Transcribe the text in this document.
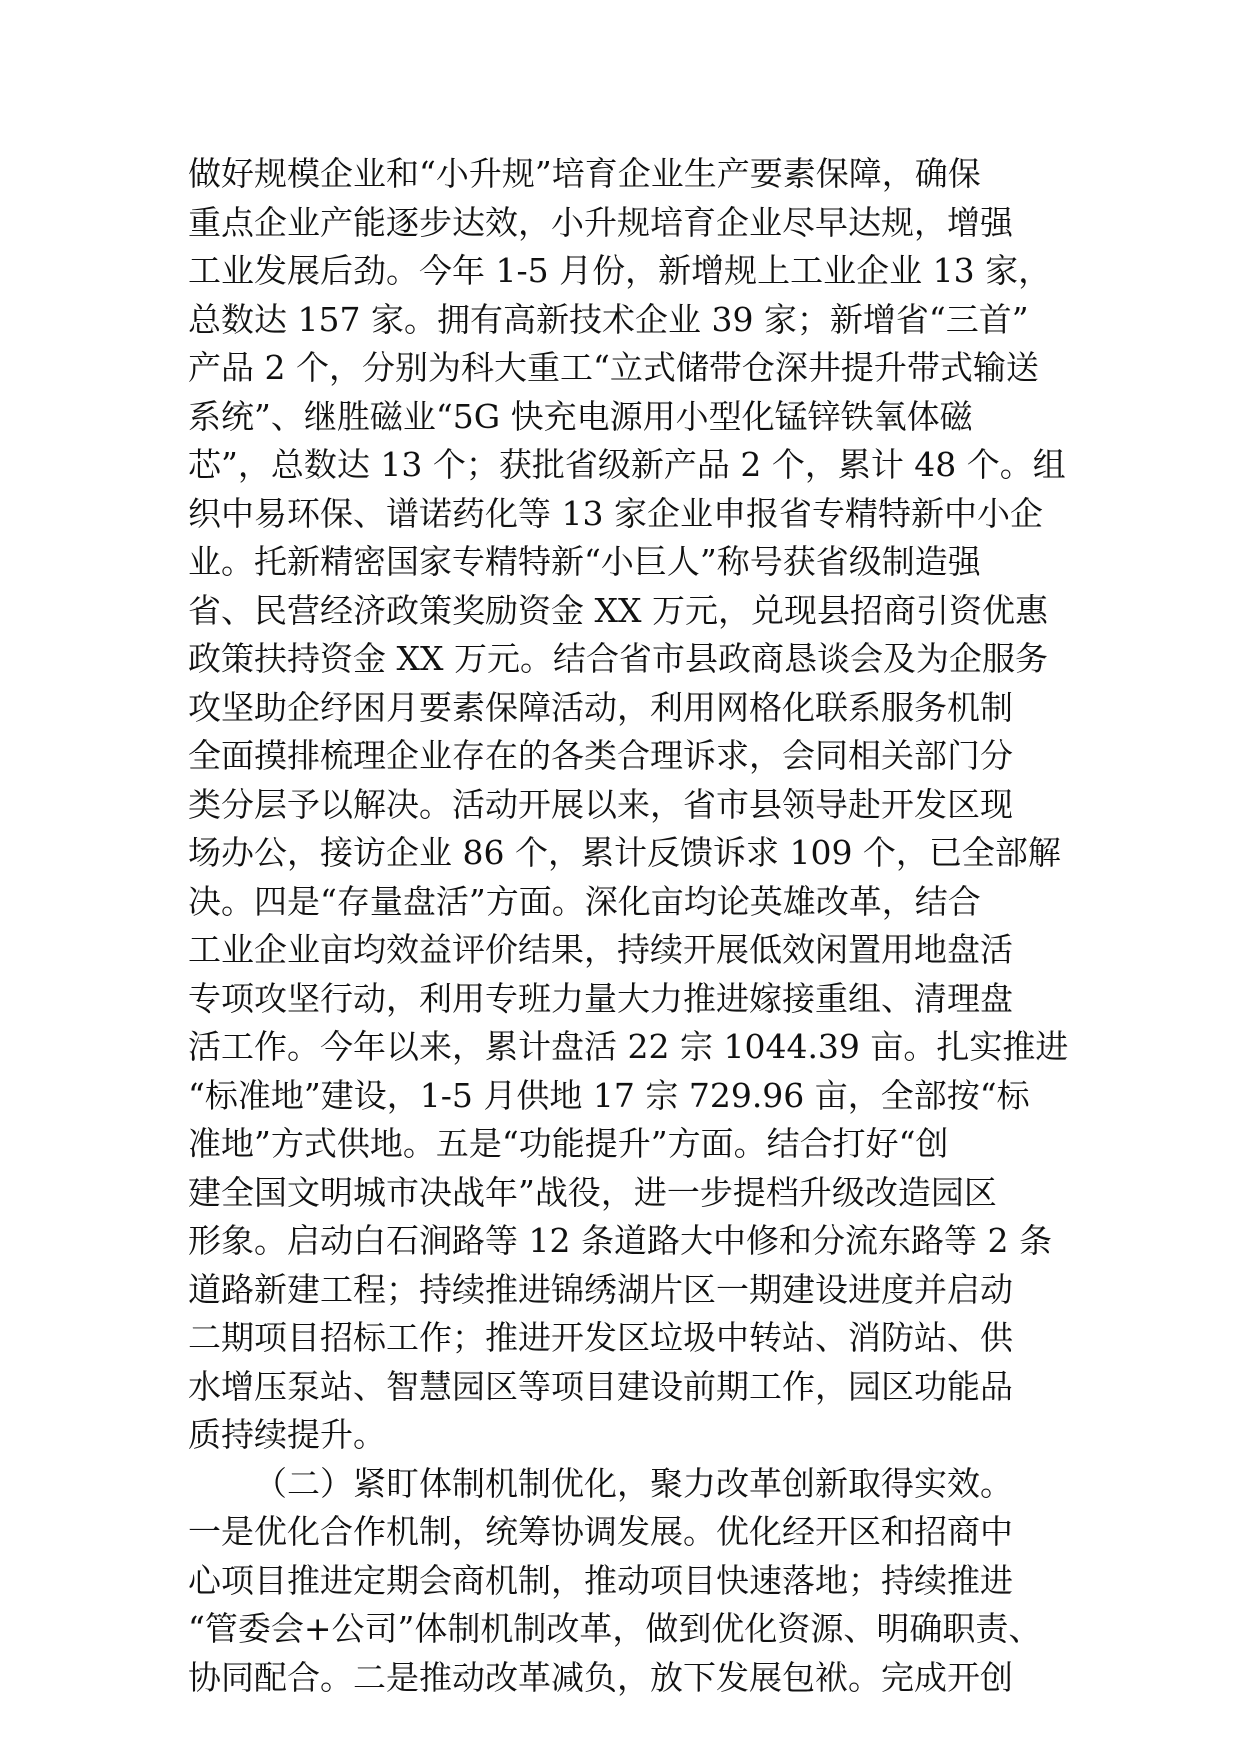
做好规模企业和“小升规”培育企业生产要素保障，确保
重点企业产能逐步达效，小升规培育企业尽早达规，增强
工业发展后劲。今年 1-5 月份，新增规上工业企业 13 家，
总数达 157 家。拥有高新技术企业 39 家；新增省“三首”
产品 2 个，分别为科大重工“立式储带仓深井提升带式输送
系统”、继胜磁业“5G 快充电源用小型化锰锌铁氧体磁
芯”，总数达 13 个；获批省级新产品 2 个，累计 48 个。组
织中易环保、谱诺药化等 13 家企业申报省专精特新中小企
业。托新精密国家专精特新“小巨人”称号获省级制造强
省、民营经济政策奖励资金 XX 万元，兑现县招商引资优惠
政策扶持资金 XX 万元。结合省市县政商恳谈会及为企服务
攻坚助企纾困月要素保障活动，利用网格化联系服务机制
全面摸排梳理企业存在的各类合理诉求，会同相关部门分
类分层予以解决。活动开展以来，省市县领导赴开发区现
场办公，接访企业 86 个，累计反馈诉求 109 个，已全部解
决。四是“存量盘活”方面。深化亩均论英雄改革，结合
工业企业亩均效益评价结果，持续开展低效闲置用地盘活
专项攻坚行动，利用专班力量大力推进嫁接重组、清理盘
活工作。今年以来，累计盘活 22 宗 1044.39 亩。扎实推进
“标准地”建设，1-5 月供地 17 宗 729.96 亩，全部按“标
准地”方式供地。五是“功能提升”方面。结合打好“创
建全国文明城市决战年”战役，进一步提档升级改造园区
形象。启动白石涧路等 12 条道路大中修和分流东路等 2 条
道路新建工程；持续推进锦绣湖片区一期建设进度并启动
二期项目招标工作；推进开发区垃圾中转站、消防站、供
水增压泵站、智慧园区等项目建设前期工作，园区功能品
质持续提升。
（二）紧盯体制机制优化，聚力改革创新取得实效。
一是优化合作机制，统筹协调发展。优化经开区和招商中
心项目推进定期会商机制，推动项目快速落地；持续推进
“管委会+公司”体制机制改革，做到优化资源、明确职责、
协同配合。二是推动改革减负，放下发展包袱。完成开创
